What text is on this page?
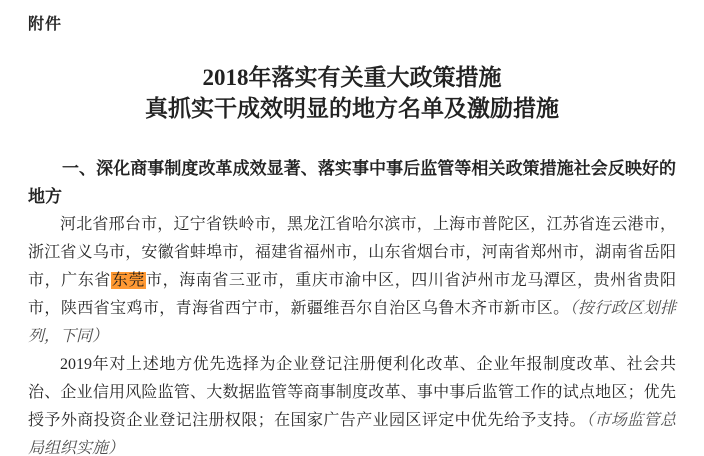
附件
2018年落实有关重大政策措施
真抓实干成效明显的地方名单及激励措施

一、深化商事制度改革成效显著、落实事中事后监管等相关政策措施社会反映好的地方

河北省邢台市，辽宁省铁岭市，黑龙江省哈尔滨市，上海市普陀区，江苏省连云港市，浙江省义乌市，安徽省蚌埠市，福建省福州市，山东省烟台市，河南省郑州市，湖南省岳阳市，广东省东莞市，海南省三亚市，重庆市渝中区，四川省泸州市龙马潭区，贵州省贵阳市，陕西省宝鸡市，青海省西宁市，新疆维吾尔自治区乌鲁木齐市新市区。（按行政区划排列，下同）

2019年对上述地方优先选择为企业登记注册便利化改革、企业年报制度改革、社会共治、企业信用风险监管、大数据监管等商事制度改革、事中事后监管工作的试点地区；优先授予外商投资企业登记注册权限；在国家广告产业园区评定中优先给予支持。（市场监管总局组织实施）
